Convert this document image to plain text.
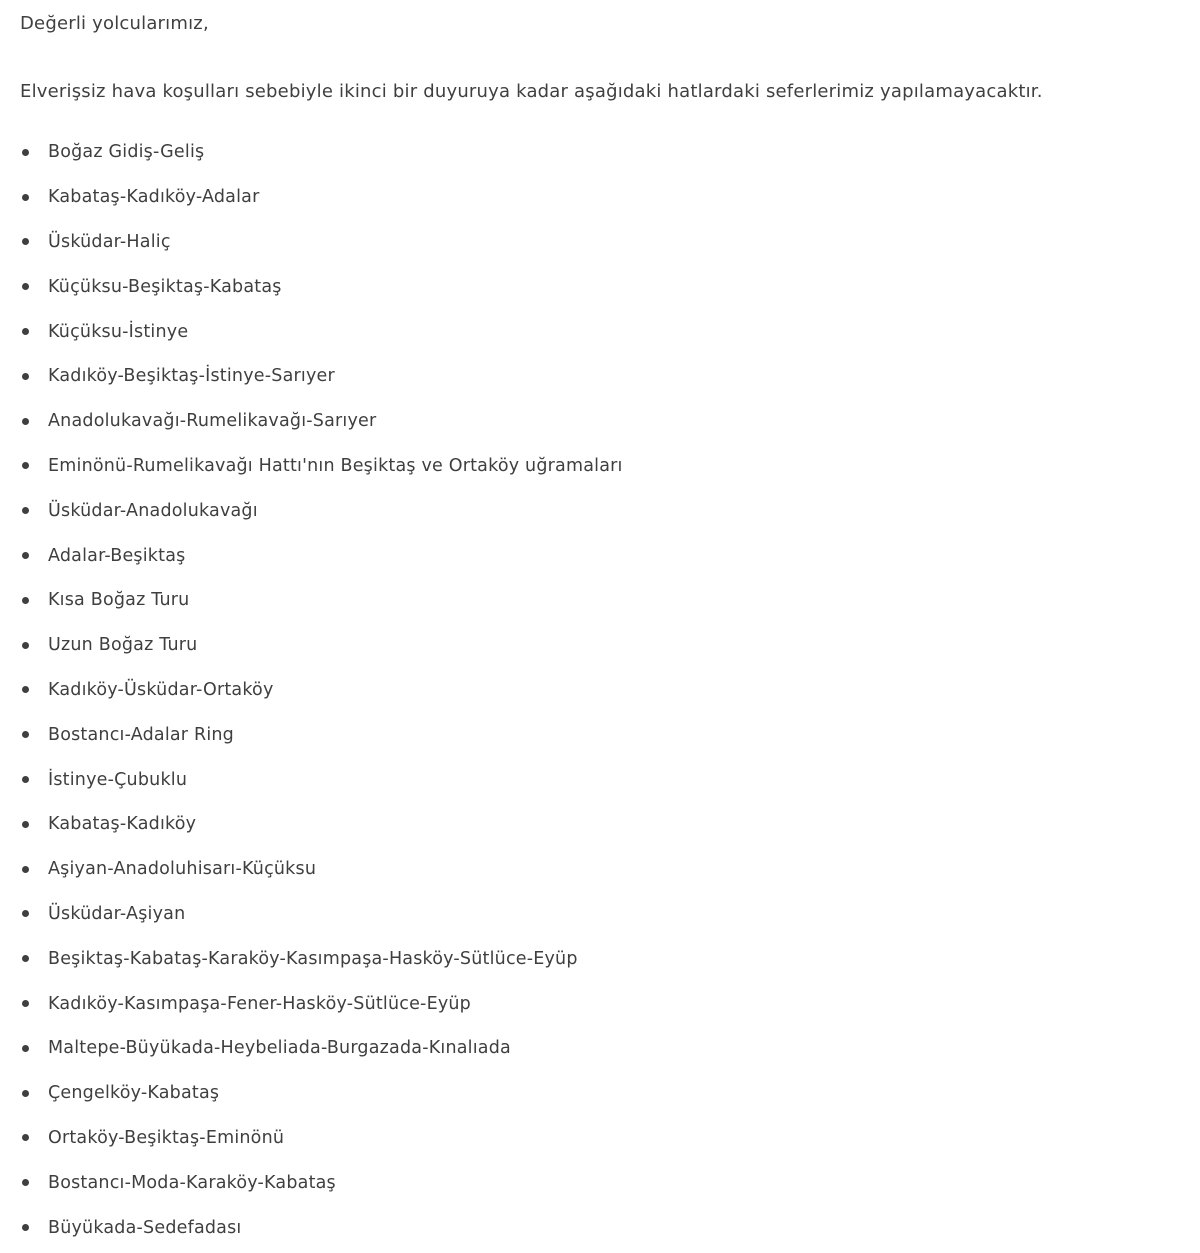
Değerli yolcularımız,

Elverişsiz hava koşulları sebebiyle ikinci bir duyuruya kadar aşağıdaki hatlardaki seferlerimiz yapılamayacaktır.

Boğaz Gidiş-Geliş
Kabataş-Kadıköy-Adalar
Üsküdar-Haliç
Küçüksu-Beşiktaş-Kabataş
Küçüksu-İstinye
Kadıköy-Beşiktaş-İstinye-Sarıyer
Anadolukavağı-Rumelikavağı-Sarıyer
Eminönü-Rumelikavağı Hattı'nın Beşiktaş ve Ortaköy uğramaları
Üsküdar-Anadolukavağı
Adalar-Beşiktaş
Kısa Boğaz Turu
Uzun Boğaz Turu
Kadıköy-Üsküdar-Ortaköy
Bostancı-Adalar Ring
İstinye-Çubuklu
Kabataş-Kadıköy
Aşiyan-Anadoluhisarı-Küçüksu
Üsküdar-Aşiyan
Beşiktaş-Kabataş-Karaköy-Kasımpaşa-Hasköy-Sütlüce-Eyüp
Kadıköy-Kasımpaşa-Fener-Hasköy-Sütlüce-Eyüp
Maltepe-Büyükada-Heybeliada-Burgazada-Kınalıada
Çengelköy-Kabataş
Ortaköy-Beşiktaş-Eminönü
Bostancı-Moda-Karaköy-Kabataş
Büyükada-Sedefadası
